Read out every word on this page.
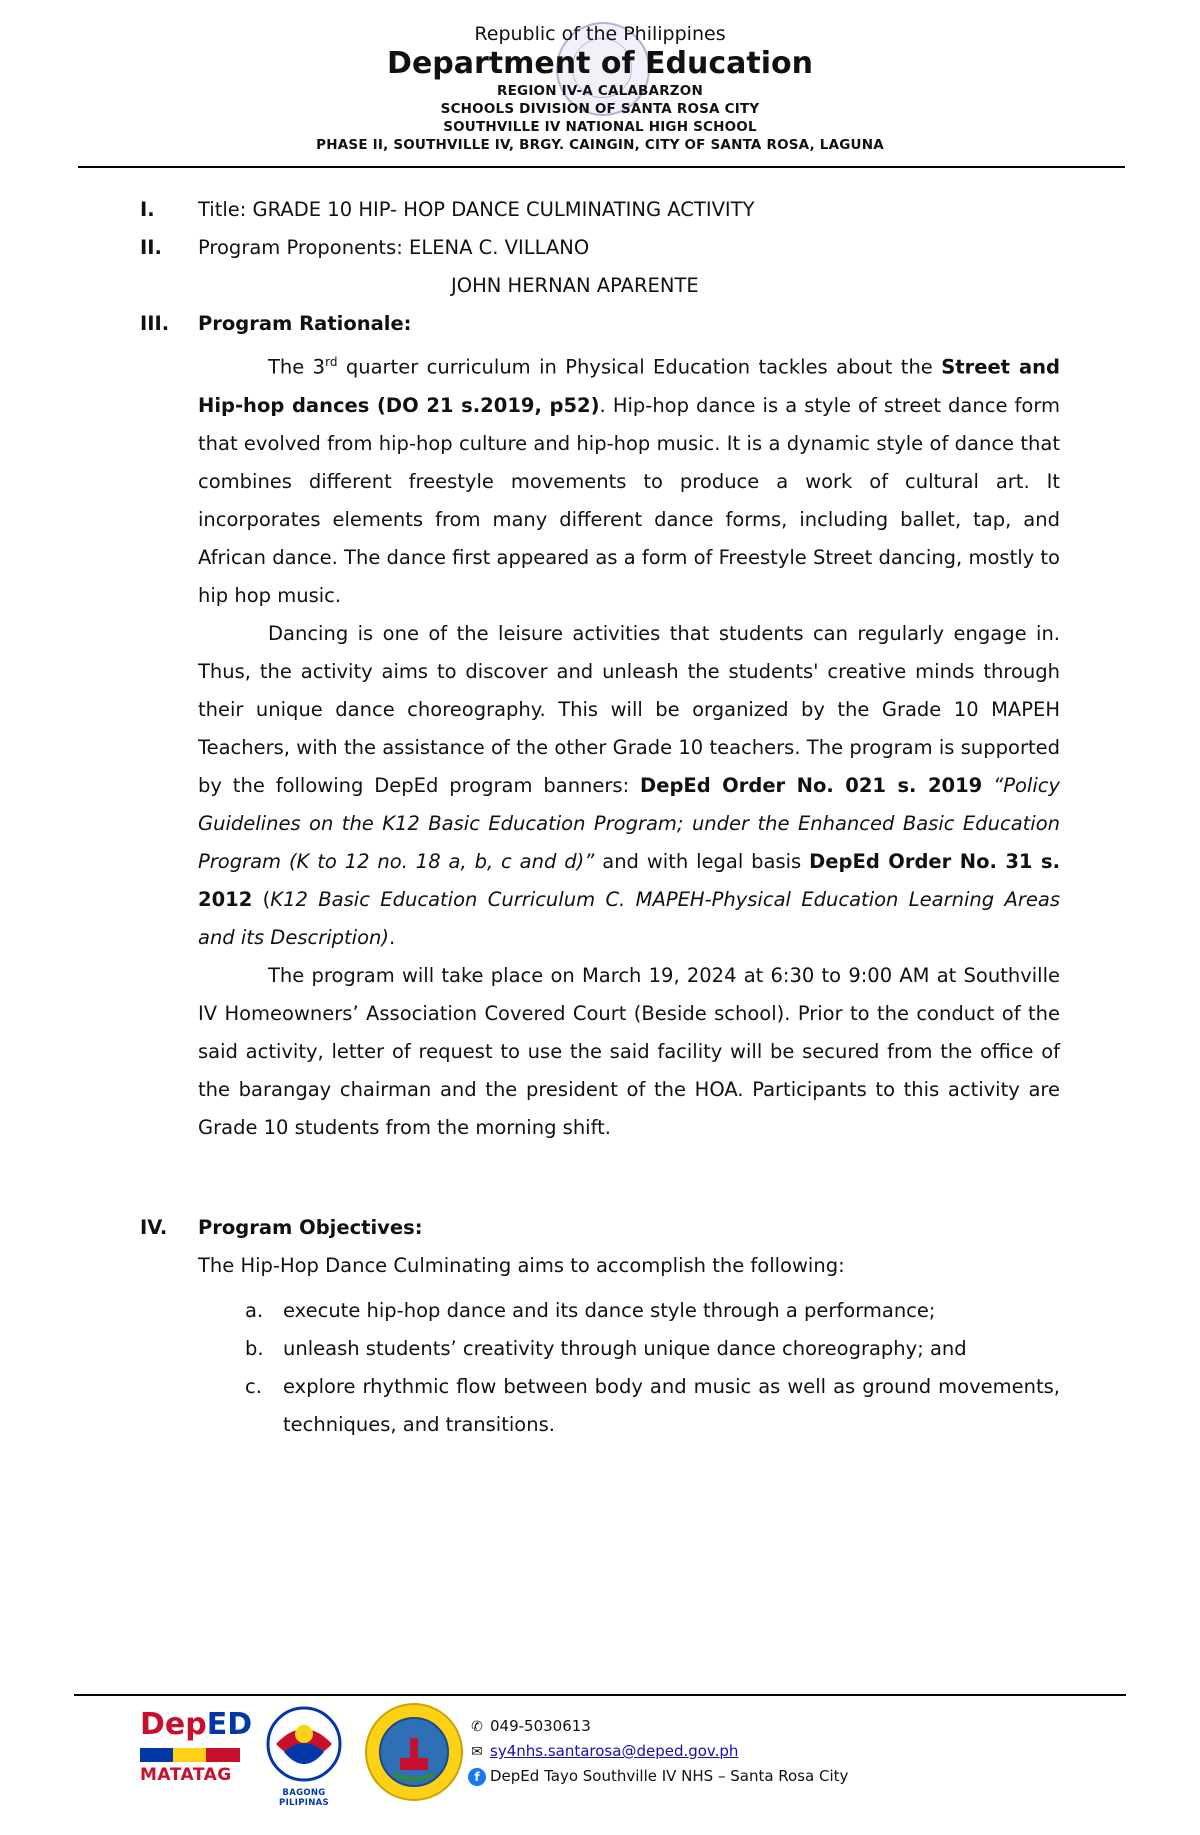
Republic of the Philippines
Department of Education
REGION IV-A CALABARZON
SCHOOLS DIVISION OF SANTA ROSA CITY
SOUTHVILLE IV NATIONAL HIGH SCHOOL
PHASE II, SOUTHVILLE IV, BRGY. CAINGIN, CITY OF SANTA ROSA, LAGUNA
I. Title: GRADE 10 HIP- HOP DANCE CULMINATING ACTIVITY
II. Program Proponents: ELENA C. VILLANO
JOHN HERNAN APARENTE
III. Program Rationale:

The 3rd quarter curriculum in Physical Education tackles about the Street and Hip-hop dances (DO 21 s.2019, p52). Hip-hop dance is a style of street dance form that evolved from hip-hop culture and hip-hop music. It is a dynamic style of dance that combines different freestyle movements to produce a work of cultural art. It incorporates elements from many different dance forms, including ballet, tap, and African dance. The dance first appeared as a form of Freestyle Street dancing, mostly to hip hop music.

Dancing is one of the leisure activities that students can regularly engage in. Thus, the activity aims to discover and unleash the students' creative minds through their unique dance choreography. This will be organized by the Grade 10 MAPEH Teachers, with the assistance of the other Grade 10 teachers. The program is supported by the following DepEd program banners: DepEd Order No. 021 s. 2019 “Policy Guidelines on the K12 Basic Education Program; under the Enhanced Basic Education Program (K to 12 no. 18 a, b, c and d)” and with legal basis DepEd Order No. 31 s. 2012 (K12 Basic Education Curriculum C. MAPEH-Physical Education Learning Areas and its Description).

The program will take place on March 19, 2024 at 6:30 to 9:00 AM at Southville IV Homeowners’ Association Covered Court (Beside school). Prior to the conduct of the said activity, letter of request to use the said facility will be secured from the office of the barangay chairman and the president of the HOA. Participants to this activity are Grade 10 students from the morning shift.

IV. Program Objectives:
The Hip-Hop Dance Culminating aims to accomplish the following:
a. execute hip-hop dance and its dance style through a performance;
b. unleash students’ creativity through unique dance choreography; and
c. explore rhythmic flow between body and music as well as ground movements, techniques, and transitions.
DepED
MATATAG
BAGONG PILIPINAS
✆ 049-5030613
✉ sy4nhs.santarosa@deped.gov.ph
f DepEd Tayo Southville IV NHS – Santa Rosa City
